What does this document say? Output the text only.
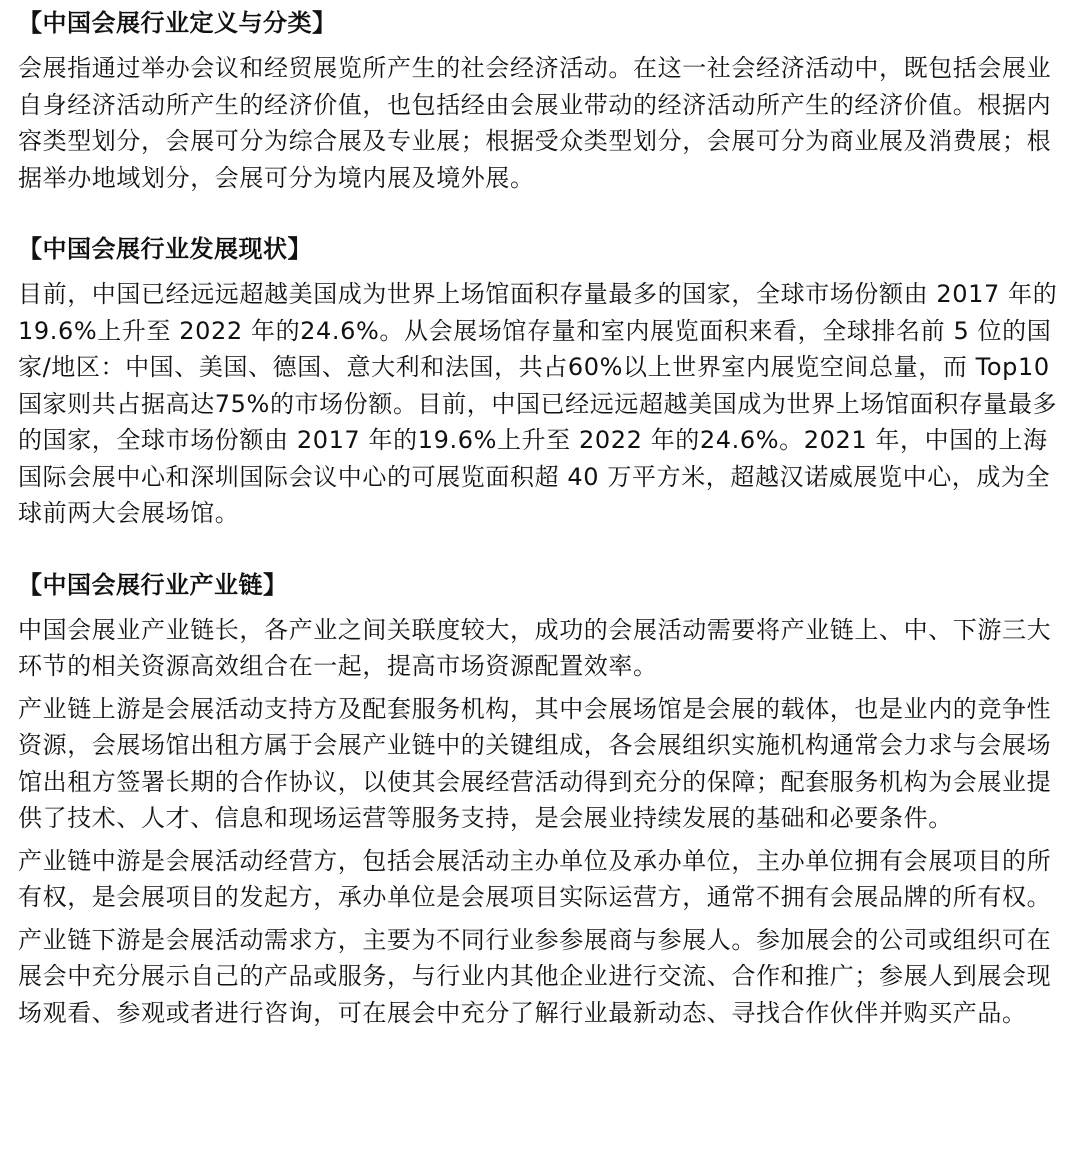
【中国会展行业定义与分类】

会展指通过举办会议和经贸展览所产生的社会经济活动。在这一社会经济活动中，既包括会展业自身经济活动所产生的经济价值，也包括经由会展业带动的经济活动所产生的经济价值。根据内容类型划分，会展可分为综合展及专业展；根据受众类型划分，会展可分为商业展及消费展；根据举办地域划分，会展可分为境内展及境外展。

【中国会展行业发展现状】

目前，中国已经远远超越美国成为世界上场馆面积存量最多的国家，全球市场份额由 2017 年的19.6%上升至 2022 年的24.6%。从会展场馆存量和室内展览面积来看，全球排名前 5 位的国家/地区：中国、美国、德国、意大利和法国，共占60%以上世界室内展览空间总量，而 Top10 国家则共占据高达75%的市场份额。目前，中国已经远远超越美国成为世界上场馆面积存量最多的国家，全球市场份额由 2017 年的19.6%上升至 2022 年的24.6%。2021 年，中国的上海国际会展中心和深圳国际会议中心的可展览面积超 40 万平方米，超越汉诺威展览中心，成为全球前两大会展场馆。

【中国会展行业产业链】

中国会展业产业链长，各产业之间关联度较大，成功的会展活动需要将产业链上、中、下游三大环节的相关资源高效组合在一起，提高市场资源配置效率。

产业链上游是会展活动支持方及配套服务机构，其中会展场馆是会展的载体，也是业内的竞争性资源，会展场馆出租方属于会展产业链中的关键组成，各会展组织实施机构通常会力求与会展场馆出租方签署长期的合作协议，以使其会展经营活动得到充分的保障；配套服务机构为会展业提供了技术、人才、信息和现场运营等服务支持，是会展业持续发展的基础和必要条件。

产业链中游是会展活动经营方，包括会展活动主办单位及承办单位，主办单位拥有会展项目的所有权，是会展项目的发起方，承办单位是会展项目实际运营方，通常不拥有会展品牌的所有权。

产业链下游是会展活动需求方，主要为不同行业参参展商与参展人。参加展会的公司或组织可在展会中充分展示自己的产品或服务，与行业内其他企业进行交流、合作和推广；参展人到展会现场观看、参观或者进行咨询，可在展会中充分了解行业最新动态、寻找合作伙伴并购买产品。
